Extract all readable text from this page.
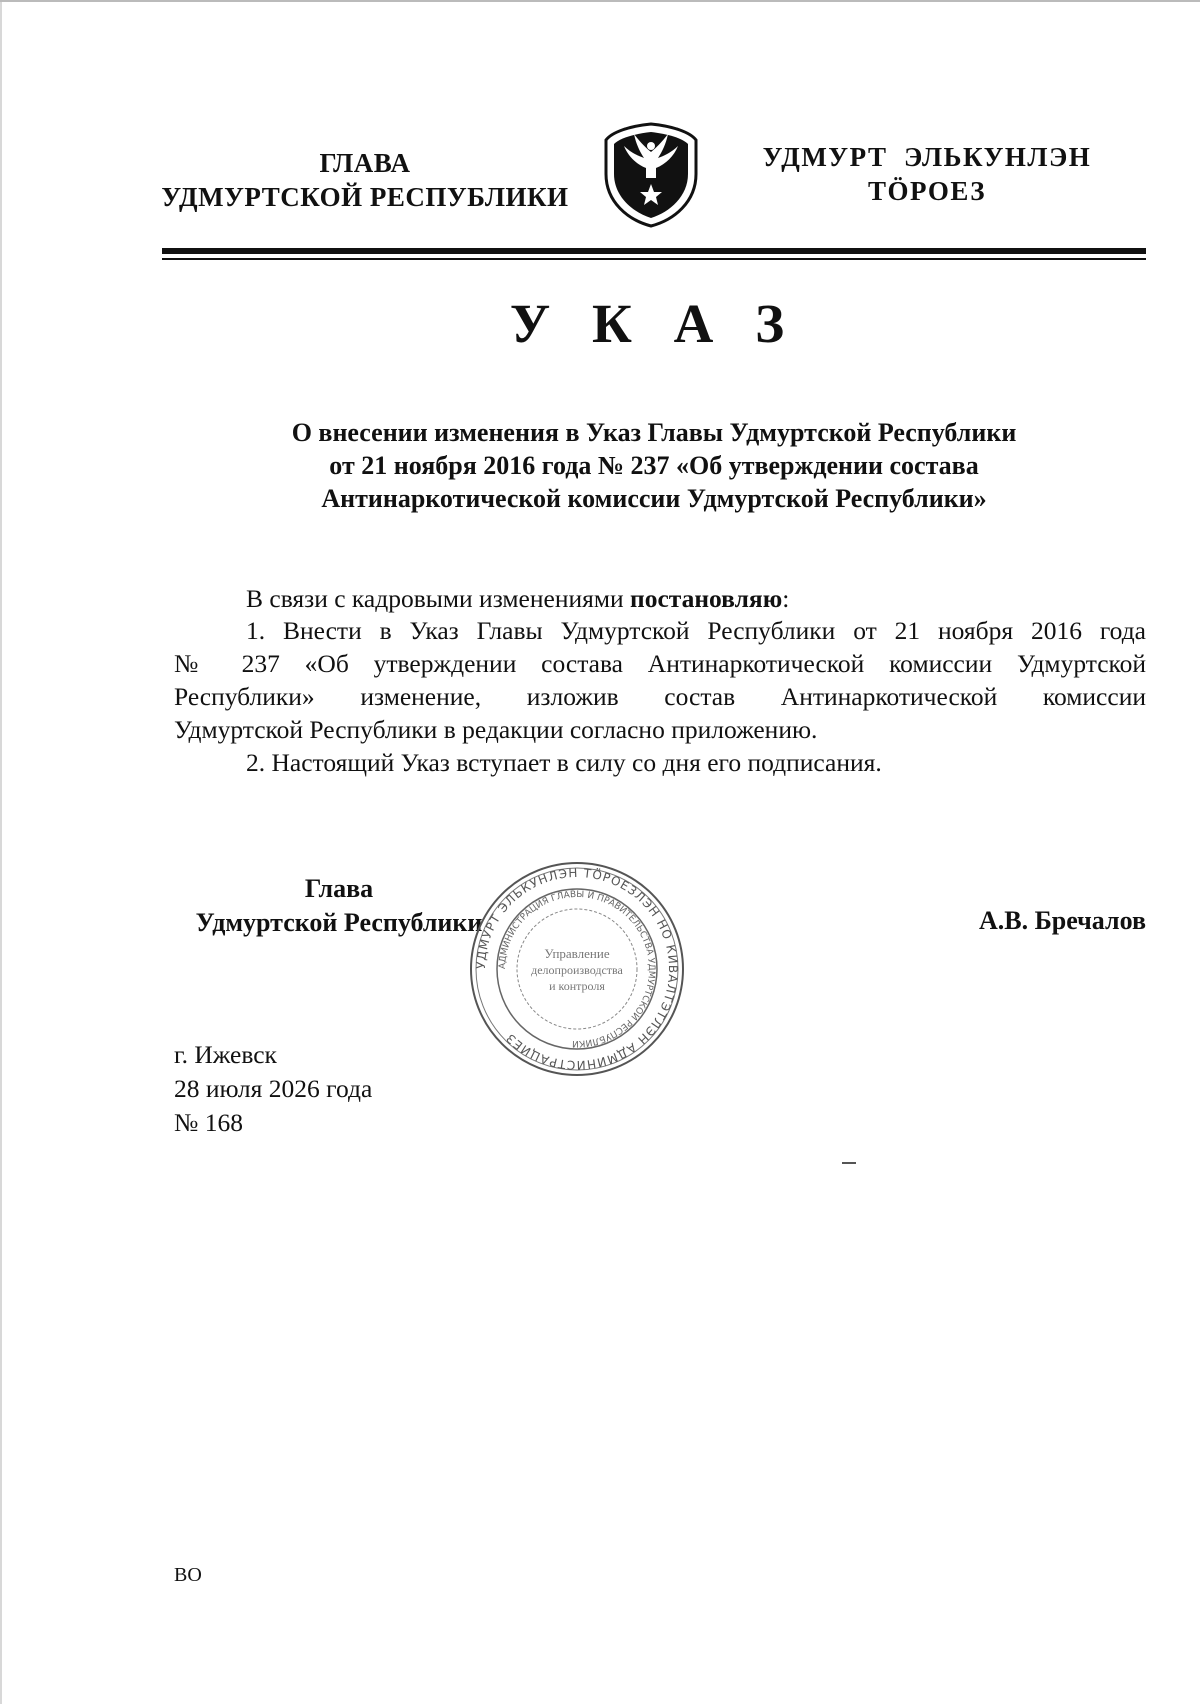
ГЛАВА
УДМУРТСКОЙ РЕСПУБЛИКИ
УДМУРТ  ЭЛЬКУНЛЭН
ТӦРОЕЗ
У К А З
О внесении изменения в Указ Главы Удмуртской Республики
от 21 ноября 2016 года № 237 «Об утверждении состава
Антинаркотической комиссии Удмуртской Республики»
В связи с кадровыми изменениями постановляю:
1. Внести в Указ Главы Удмуртской Республики от 21 ноября 2016 года
№ 237 «Об утверждении состава Антинаркотической комиссии Удмуртской
Республики» изменение, изложив состав Антинаркотической комиссии
Удмуртской Республики в редакции согласно приложению.
2. Настоящий Указ вступает в силу со дня его подписания.
Глава
Удмуртской Республики
УДМУРТ ЭЛЬКУНЛЭН ТӦРОЕЗЛЭН НО КИВАЛТЭТЛЭН АДМИНИСТРАЦИЕЗ
АДМИНИСТРАЦИЯ ГЛАВЫ И ПРАВИТЕЛЬСТВА УДМУРТСКОЙ РЕСПУБЛИКИ
Управление
делопроизводства
и контроля
А.В. Бречалов
г. Ижевск
28 июля 2026 года
№ 168
ВО
